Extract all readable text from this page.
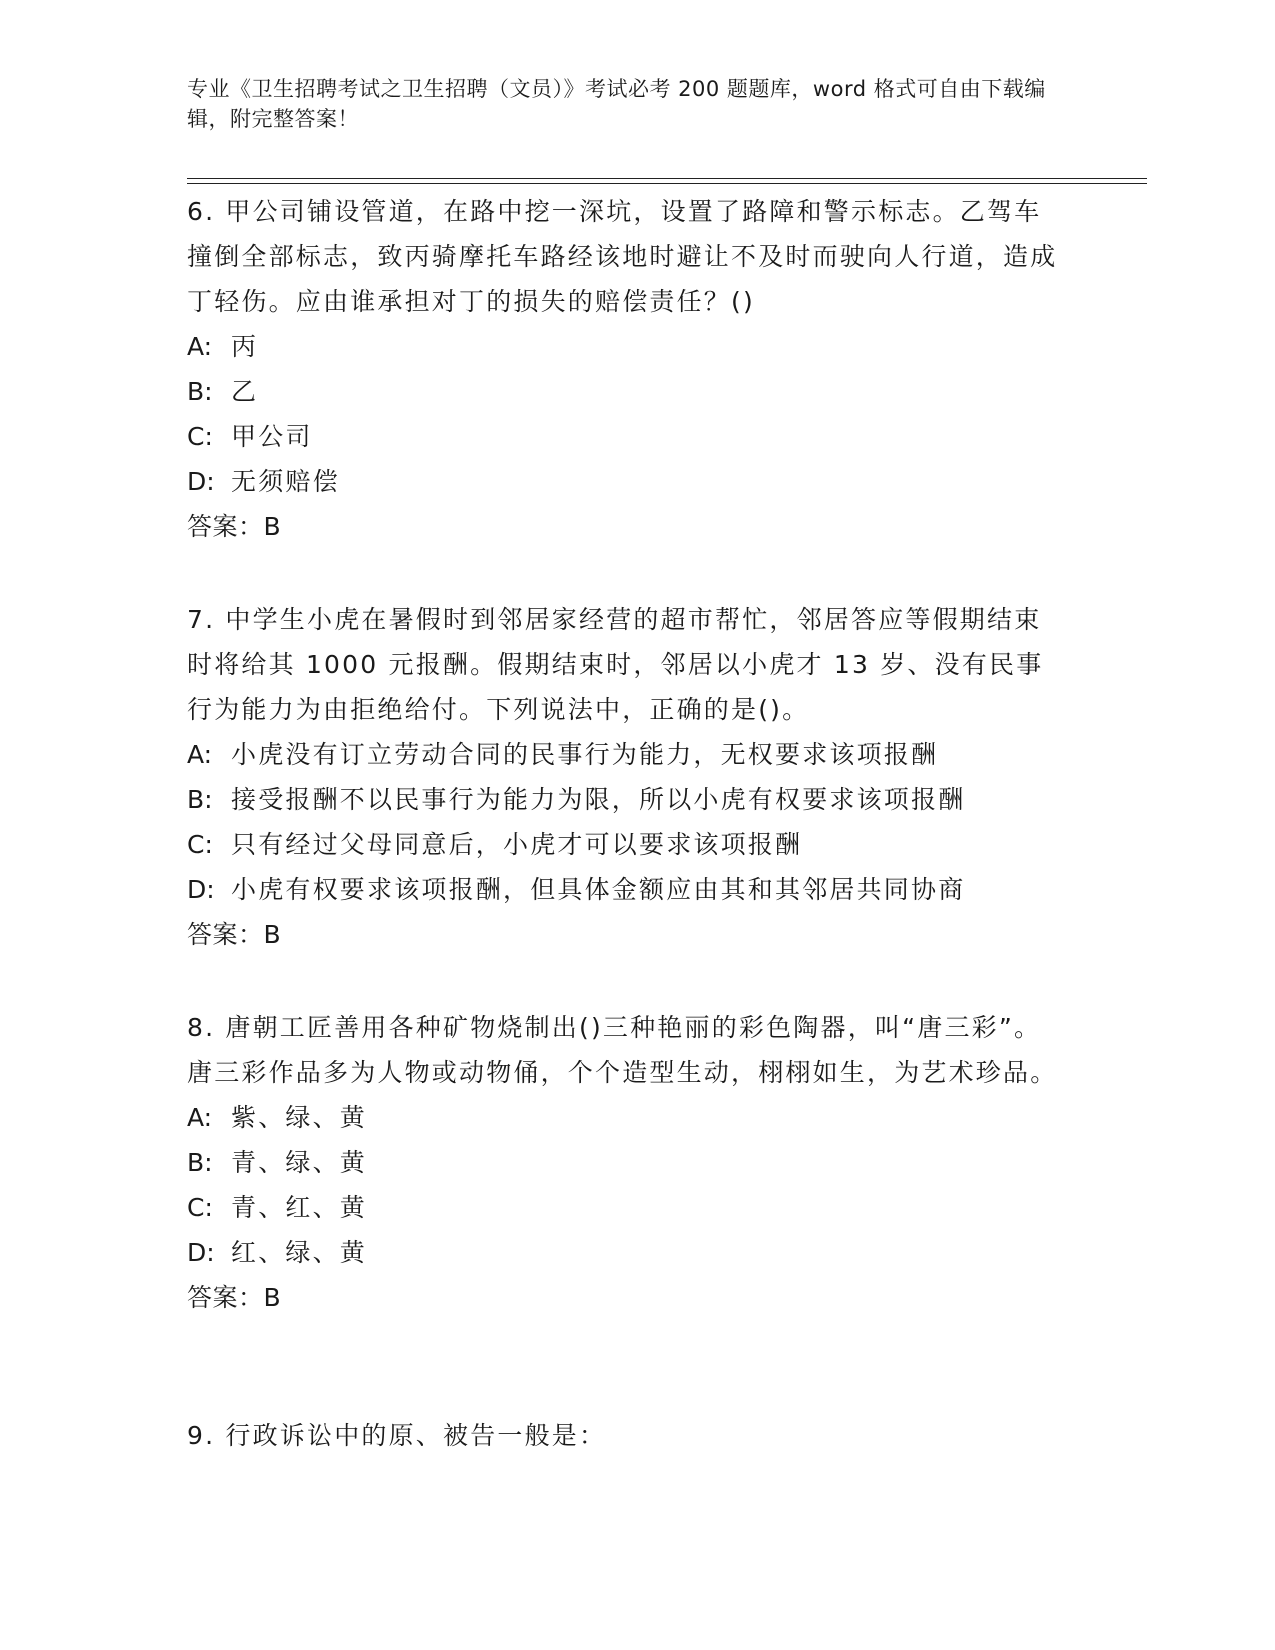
专业《卫生招聘考试之卫生招聘（文员）》考试必考 200 题题库，word 格式可自由下载编辑，附完整答案！

6. 甲公司铺设管道，在路中挖一深坑，设置了路障和警示标志。乙驾车撞倒全部标志，致丙骑摩托车路经该地时避让不及时而驶向人行道，造成丁轻伤。应由谁承担对丁的损失的赔偿责任？()

A: 丙

B: 乙

C: 甲公司

D: 无须赔偿

答案：B

7. 中学生小虎在暑假时到邻居家经营的超市帮忙，邻居答应等假期结束时将给其 1000 元报酬。假期结束时，邻居以小虎才 13 岁、没有民事行为能力为由拒绝给付。下列说法中，正确的是()。

A: 小虎没有订立劳动合同的民事行为能力，无权要求该项报酬

B: 接受报酬不以民事行为能力为限，所以小虎有权要求该项报酬

C: 只有经过父母同意后，小虎才可以要求该项报酬

D: 小虎有权要求该项报酬，但具体金额应由其和其邻居共同协商

答案：B

8. 唐朝工匠善用各种矿物烧制出()三种艳丽的彩色陶器，叫“唐三彩”。唐三彩作品多为人物或动物俑，个个造型生动，栩栩如生，为艺术珍品。

A: 紫、绿、黄

B: 青、绿、黄

C: 青、红、黄

D: 红、绿、黄

答案：B

9. 行政诉讼中的原、被告一般是：
